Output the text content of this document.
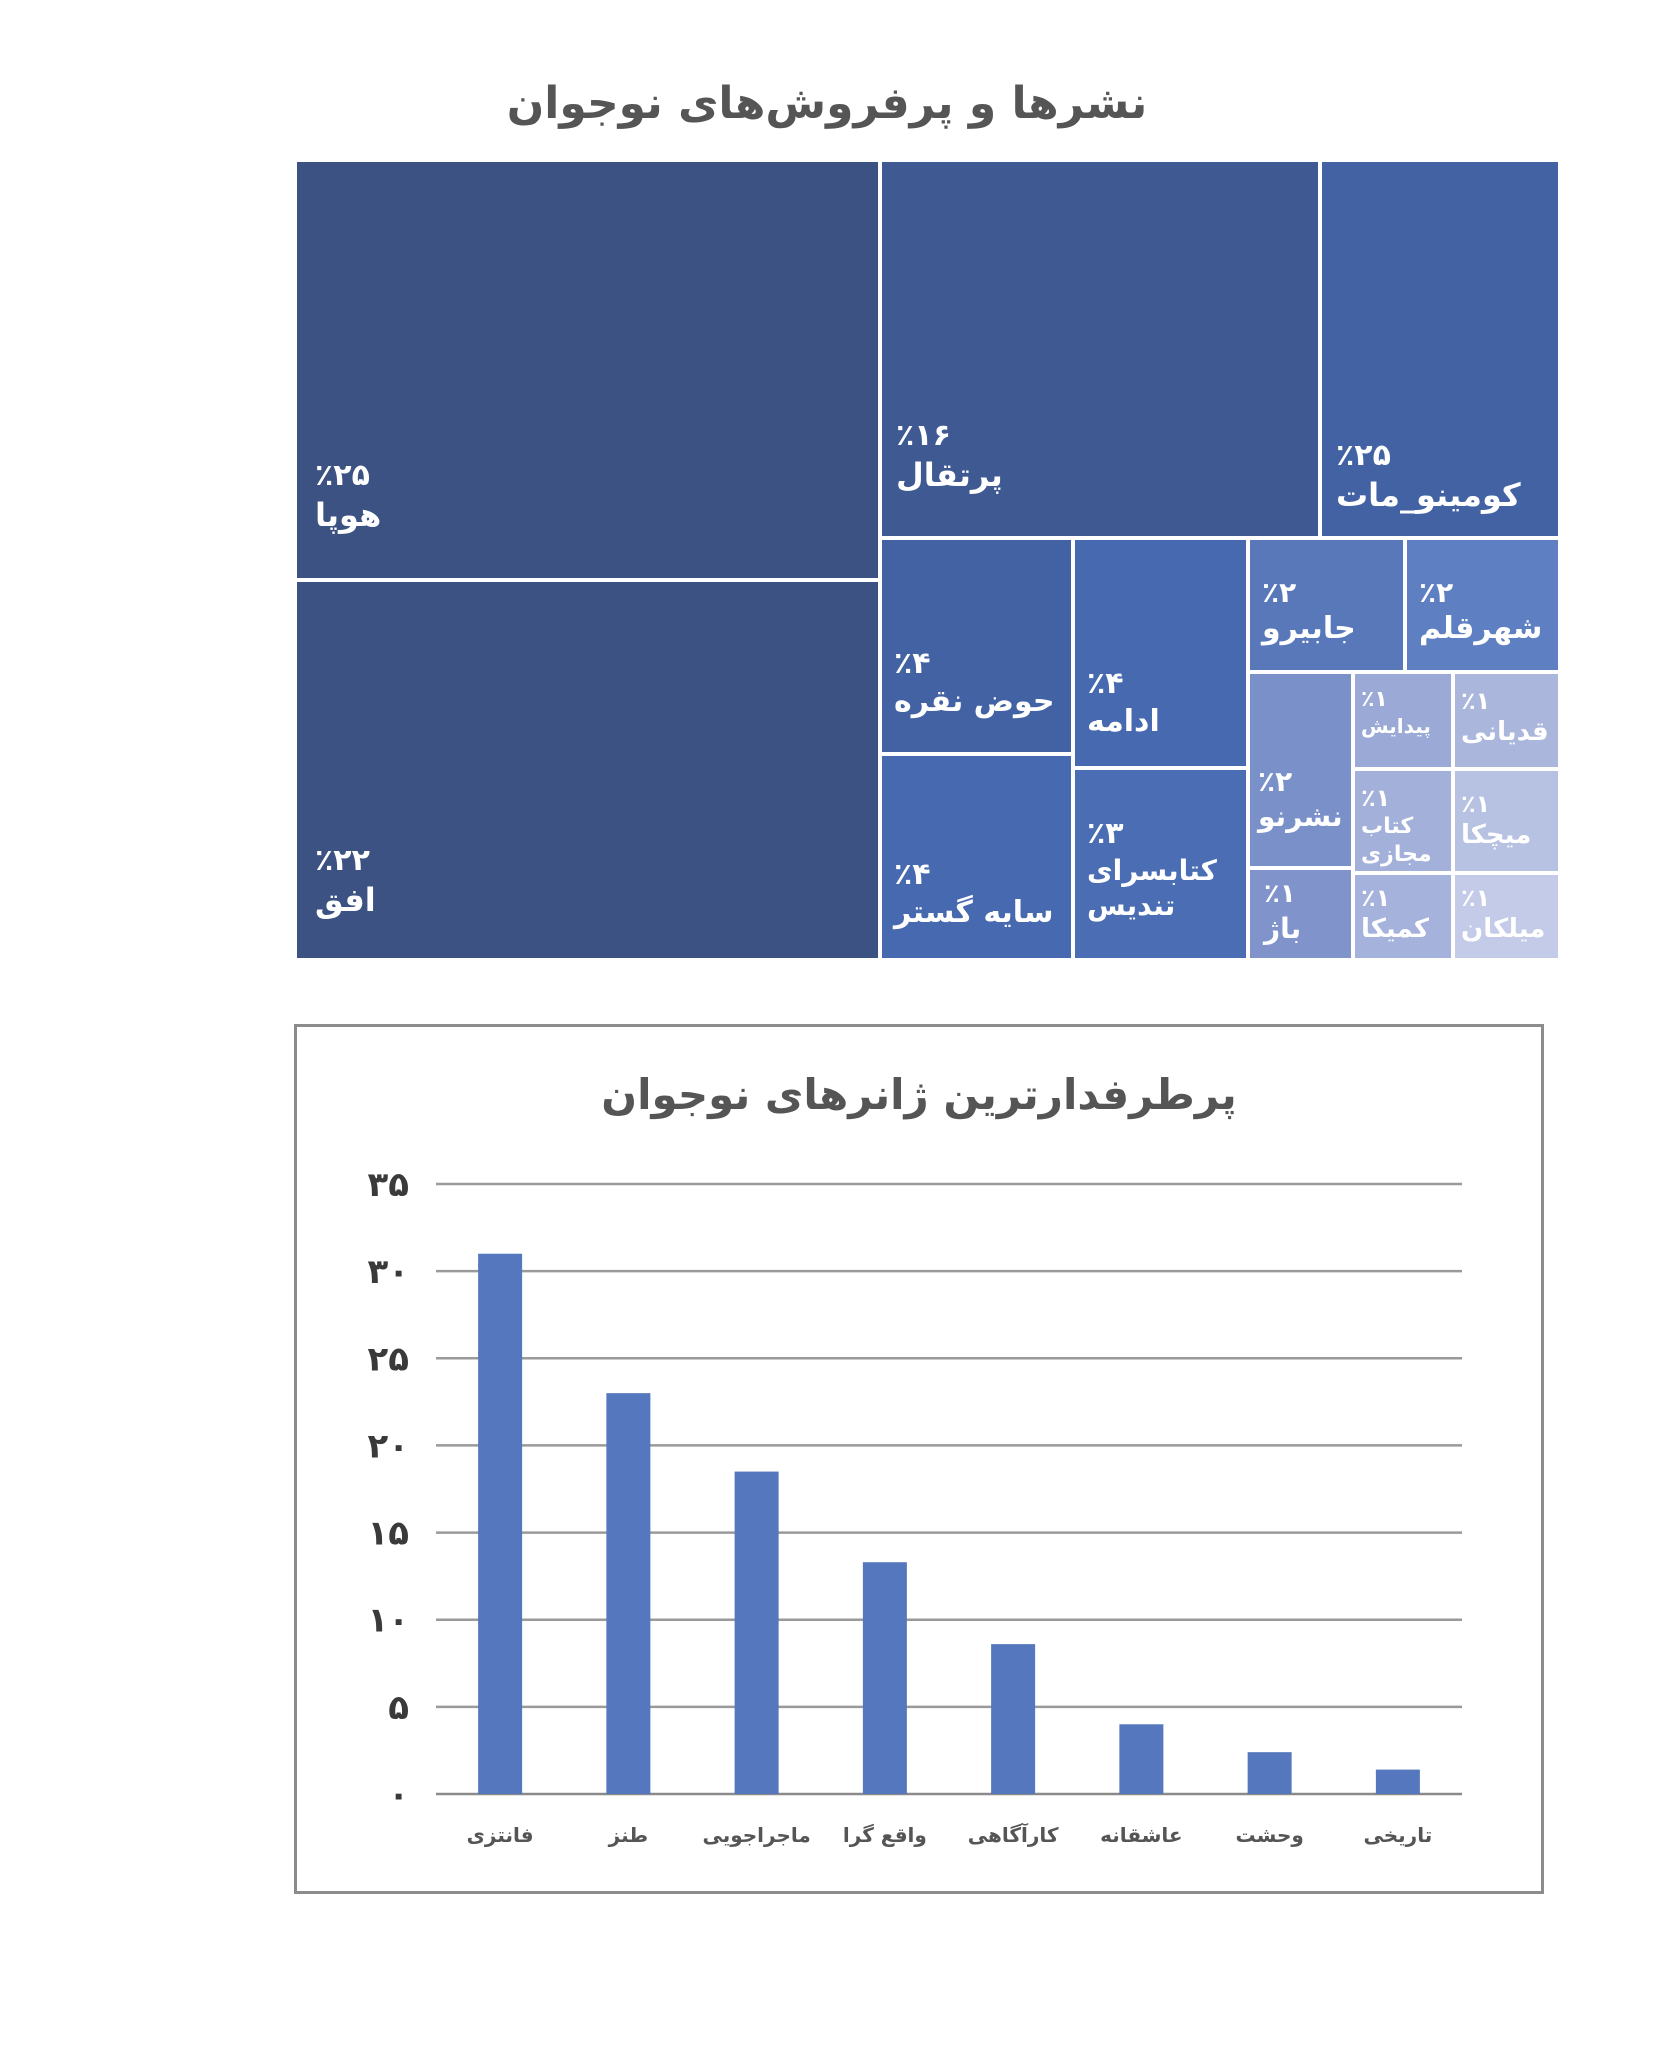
نشرها و پرفروش‌های نوجوان
٪۲۵
هوپا
٪۲۲
افق
٪۱۶
پرتقال	٪۲۵
کومینو_مات
٪۴
حوض نقره
٪۴
سایه گستر
٪۴
ادامه
٪۳
کتابسرای تندیس
٪۲
جابیرو
٪۲
شهرقلم
٪۲
نشرنو
٪۱
پیدایش
٪۱
قدیانی
٪۱
کتاب مجازی
٪۱
میچکا
٪۱
باژ
٪۱
کمیکا
٪۱
میلکان
پرطرفدارترین ژانرهای نوجوان
۰
۵
۱۰
۱۵
۲۰
۲۵
۳۰
۳۵
فانتزی	طنز	ماجراجویی واقع گرا کارآگاهی عاشقانه	وحشت	تاریخی
